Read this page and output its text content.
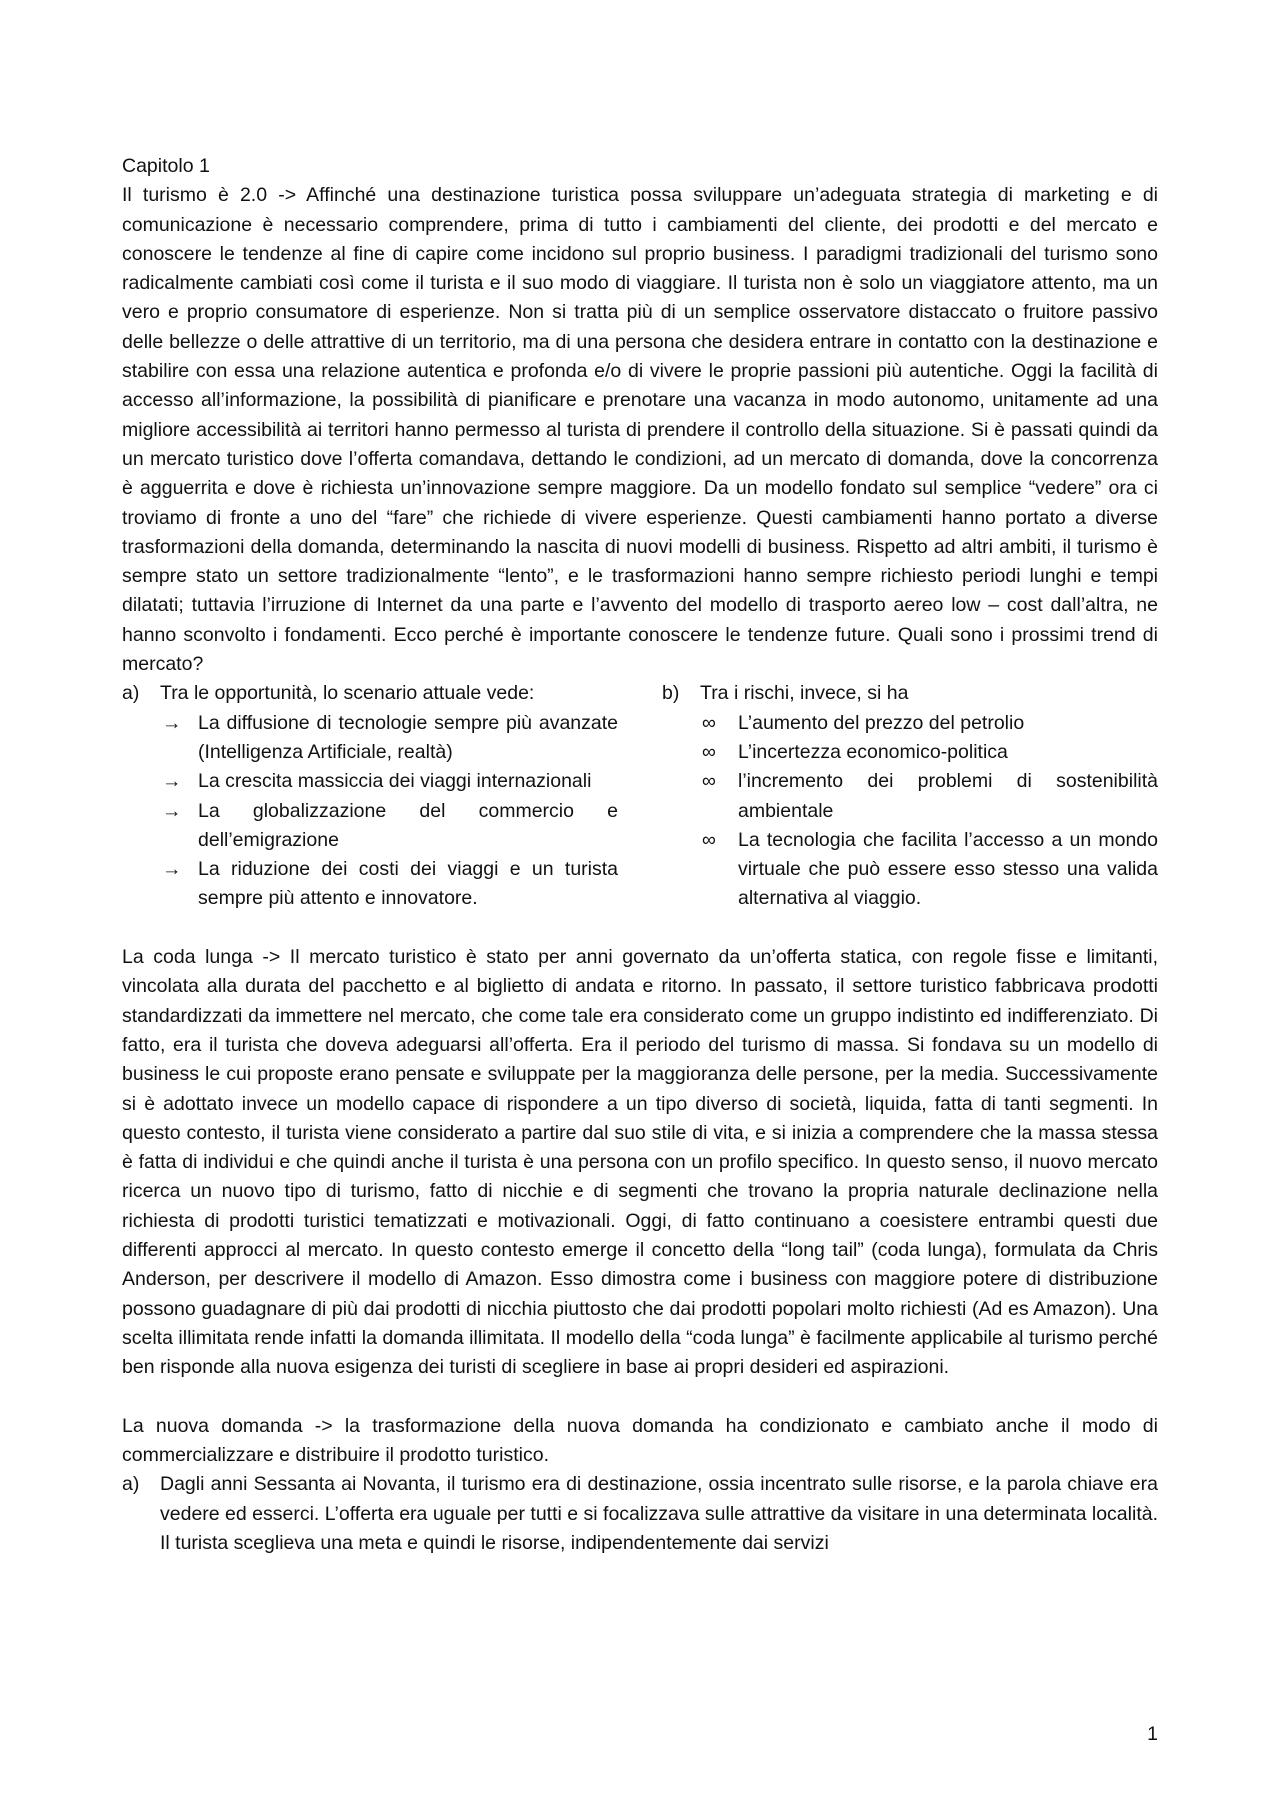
Capitolo 1

Il turismo è 2.0 -> Affinché una destinazione turistica possa sviluppare un’adeguata strategia di marketing e di comunicazione è necessario comprendere, prima di tutto i cambiamenti del cliente, dei prodotti e del mercato e conoscere le tendenze al fine di capire come incidono sul proprio business. I paradigmi tradizionali del turismo sono radicalmente cambiati così come il turista e il suo modo di viaggiare. Il turista non è solo un viaggiatore attento, ma un vero e proprio consumatore di esperienze. Non si tratta più di un semplice osservatore distaccato o fruitore passivo delle bellezze o delle attrattive di un territorio, ma di una persona che desidera entrare in contatto con la destinazione e stabilire con essa una relazione autentica e profonda e/o di vivere le proprie passioni più autentiche. Oggi la facilità di accesso all’informazione, la possibilità di pianificare e prenotare una vacanza in modo autonomo, unitamente ad una migliore accessibilità ai territori hanno permesso al turista di prendere il controllo della situazione. Si è passati quindi da un mercato turistico dove l’offerta comandava, dettando le condizioni, ad un mercato di domanda, dove la concorrenza è agguerrita e dove è richiesta un’innovazione sempre maggiore. Da un modello fondato sul semplice “vedere” ora ci troviamo di fronte a uno del “fare” che richiede di vivere esperienze. Questi cambiamenti hanno portato a diverse trasformazioni della domanda, determinando la nascita di nuovi modelli di business. Rispetto ad altri ambiti, il turismo è sempre stato un settore tradizionalmente “lento”, e le trasformazioni hanno sempre richiesto periodi lunghi e tempi dilatati; tuttavia l’irruzione di Internet da una parte e l’avvento del modello di trasporto aereo low – cost dall’altra, ne hanno sconvolto i fondamenti. Ecco perché è importante conoscere le tendenze future. Quali sono i prossimi trend di mercato?

a)	Tra le opportunità, lo scenario attuale vede:
→ La diffusione di tecnologie sempre più avanzate (Intelligenza Artificiale, realtà)
→ La crescita massiccia dei viaggi internazionali
→ La globalizzazione del commercio e dell’emigrazione
→ La riduzione dei costi dei viaggi e un turista sempre più attento e innovatore.
b)	Tra i rischi, invece, si ha
∞	L’aumento del prezzo del petrolio
∞	L’incertezza economico-politica
∞	l’incremento dei problemi di sostenibilità ambientale
∞	La tecnologia che facilita l’accesso a un mondo virtuale che può essere esso stesso una valida alternativa al viaggio.

La coda lunga -> Il mercato turistico è stato per anni governato da un’offerta statica, con regole fisse e limitanti, vincolata alla durata del pacchetto e al biglietto di andata e ritorno. In passato, il settore turistico fabbricava prodotti standardizzati da immettere nel mercato, che come tale era considerato come un gruppo indistinto ed indifferenziato. Di fatto, era il turista che doveva adeguarsi all’offerta. Era il periodo del turismo di massa. Si fondava su un modello di business le cui proposte erano pensate e sviluppate per la maggioranza delle persone, per la media. Successivamente si è adottato invece un modello capace di rispondere a un tipo diverso di società, liquida, fatta di tanti segmenti. In questo contesto, il turista viene considerato a partire dal suo stile di vita, e si inizia a comprendere che la massa stessa è fatta di individui e che quindi anche il turista è una persona con un profilo specifico. In questo senso, il nuovo mercato ricerca un nuovo tipo di turismo, fatto di nicchie e di segmenti che trovano la propria naturale declinazione nella richiesta di prodotti turistici tematizzati e motivazionali. Oggi, di fatto continuano a coesistere entrambi questi due differenti approcci al mercato. In questo contesto emerge il concetto della “long tail” (coda lunga), formulata da Chris Anderson, per descrivere il modello di Amazon. Esso dimostra come i business con maggiore potere di distribuzione possono guadagnare di più dai prodotti di nicchia piuttosto che dai prodotti popolari molto richiesti (Ad es Amazon). Una scelta illimitata rende infatti la domanda illimitata. Il modello della “coda lunga” è facilmente applicabile al turismo perché ben risponde alla nuova esigenza dei turisti di scegliere in base ai propri desideri ed aspirazioni.

La nuova domanda -> la trasformazione della nuova domanda ha condizionato e cambiato anche il modo di commercializzare e distribuire il prodotto turistico.

a)	Dagli anni Sessanta ai Novanta, il turismo era di destinazione, ossia incentrato sulle risorse, e la parola chiave era vedere ed esserci. L’offerta era uguale per tutti e si focalizzava sulle attrattive da visitare in una determinata località. Il turista sceglieva una meta e quindi le risorse, indipendentemente dai servizi
1
